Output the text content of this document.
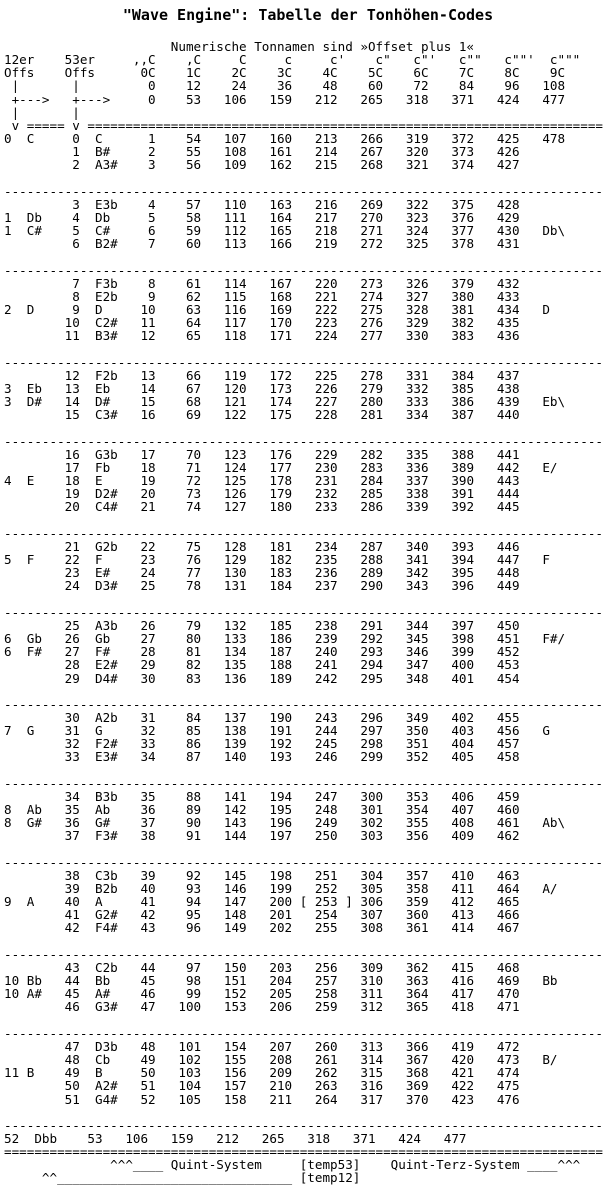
"Wave Engine": Tabelle der Tonhöhen-Codes
Numerische Tonnamen sind »Offset plus 1«
12er    53er     ,,C    ,C     C     c     c'    c"   c"'   c""   c""'  c"""
Offs    Offs      0C    1C    2C    3C    4C    5C    6C    7C    8C    9C
|       |         0    12    24    36    48    60    72    84    96   108
+--->   +--->     0    53   106   159   212   265   318   371   424   477
|       |
v ===== v ====================================================================
0  C     0  C      1    54   107   160   213   266   319   372   425   478
1  B#     2    55   108   161   214   267   320   373   426
2  A3#    3    56   109   162   215   268   321   374   427

-------------------------------------------------------------------------------
3  E3b    4    57   110   163   216   269   322   375   428
1  Db    4  Db     5    58   111   164   217   270   323   376   429
1  C#    5  C#     6    59   112   165   218   271   324   377   430   Db\
6  B2#    7    60   113   166   219   272   325   378   431

-------------------------------------------------------------------------------
7  F3b    8    61   114   167   220   273   326   379   432
8  E2b    9    62   115   168   221   274   327   380   433
2  D     9  D     10    63   116   169   222   275   328   381   434   D
10  C2#   11    64   117   170   223   276   329   382   435
11  B3#   12    65   118   171   224   277   330   383   436

-------------------------------------------------------------------------------
12  F2b   13    66   119   172   225   278   331   384   437
3  Eb   13  Eb    14    67   120   173   226   279   332   385   438
3  D#   14  D#    15    68   121   174   227   280   333   386   439   Eb\
15  C3#   16    69   122   175   228   281   334   387   440

-------------------------------------------------------------------------------
16  G3b   17    70   123   176   229   282   335   388   441
17  Fb    18    71   124   177   230   283   336   389   442   E/
4  E    18  E     19    72   125   178   231   284   337   390   443
19  D2#   20    73   126   179   232   285   338   391   444
20  C4#   21    74   127   180   233   286   339   392   445

-------------------------------------------------------------------------------
21  G2b   22    75   128   181   234   287   340   393   446
5  F    22  F     23    76   129   182   235   288   341   394   447   F
23  E#    24    77   130   183   236   289   342   395   448
24  D3#   25    78   131   184   237   290   343   396   449

-------------------------------------------------------------------------------
25  A3b   26    79   132   185   238   291   344   397   450
6  Gb   26  Gb    27    80   133   186   239   292   345   398   451   F#/
6  F#   27  F#    28    81   134   187   240   293   346   399   452
28  E2#   29    82   135   188   241   294   347   400   453
29  D4#   30    83   136   189   242   295   348   401   454

-------------------------------------------------------------------------------
30  A2b   31    84   137   190   243   296   349   402   455
7  G    31  G     32    85   138   191   244   297   350   403   456   G
32  F2#   33    86   139   192   245   298   351   404   457
33  E3#   34    87   140   193   246   299   352   405   458

-------------------------------------------------------------------------------
34  B3b   35    88   141   194   247   300   353   406   459
8  Ab   35  Ab    36    89   142   195   248   301   354   407   460
8  G#   36  G#    37    90   143   196   249   302   355   408   461   Ab\
37  F3#   38    91   144   197   250   303   356   409   462

-------------------------------------------------------------------------------
38  C3b   39    92   145   198   251   304   357   410   463
39  B2b   40    93   146   199   252   305   358   411   464   A/
9  A    40  A     41    94   147   200 [ 253 ] 306   359   412   465
41  G2#   42    95   148   201   254   307   360   413   466
42  F4#   43    96   149   202   255   308   361   414   467

-------------------------------------------------------------------------------
43  C2b   44    97   150   203   256   309   362   415   468
10 Bb   44  Bb    45    98   151   204   257   310   363   416   469   Bb
10 A#   45  A#    46    99   152   205   258   311   364   417   470
46  G3#   47   100   153   206   259   312   365   418   471

-------------------------------------------------------------------------------
47  D3b   48   101   154   207   260   313   366   419   472
48  Cb    49   102   155   208   261   314   367   420   473   B/
11 B    49  B     50   103   156   209   262   315   368   421   474
50  A2#   51   104   157   210   263   316   369   422   475
51  G4#   52   105   158   211   264   317   370   423   476

-------------------------------------------------------------------------------
52  Dbb    53   106   159   212   265   318   371   424   477
===============================================================================
^^^____ Quint-System     [temp53]    Quint-Terz-System ____^^^
^^_______________________________ [temp12]
